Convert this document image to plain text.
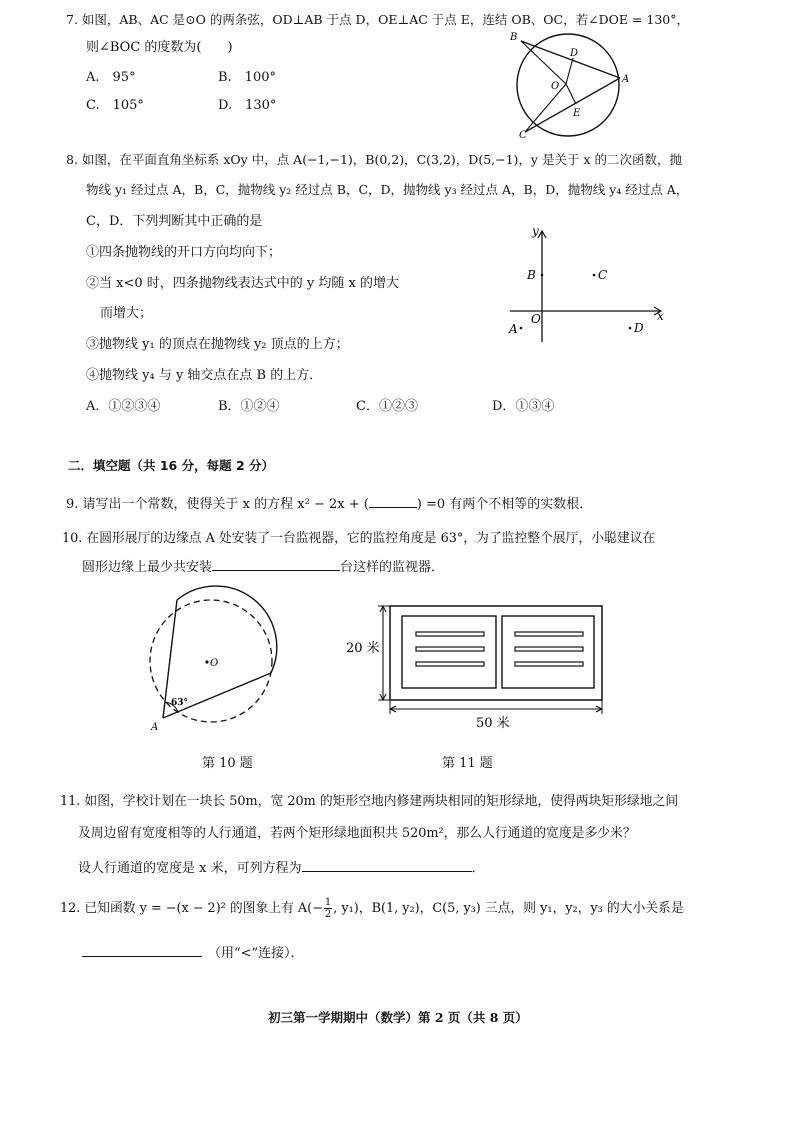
7. 如图，AB、AC 是⊙O 的两条弦，OD⊥AB 于点 D，OE⊥AC 于点 E，连结 OB、OC，若∠DOE = 130°，
则∠BOC 的度数为(　　)
A.　95°	B.　100°
C.　105°	D.　130°
B
D
A
O
E
C
8. 如图，在平面直角坐标系 xOy 中，点 A(−1,−1)，B(0,2)，C(3,2)，D(5,−1)，y 是关于 x 的二次函数，抛
物线 y₁ 经过点 A，B，C，抛物线 y₂ 经过点 B，C，D，抛物线 y₃ 经过点 A，B，D，抛物线 y₄ 经过点 A，
C，D．下列判断其中正确的是
①四条抛物线的开口方向均向下；
②当 x<0 时，四条抛物线表达式中的 y 均随 x 的增大
而增大；
③抛物线 y₁ 的顶点在抛物线 y₂ 顶点的上方；
④抛物线 y₄ 与 y 轴交点在点 B 的上方．
A．①②③④	B．①②④	C．①②③	D．①③④
y
x
O
A
B	C
D
二．填空题（共 16 分，每题 2 分）
9. 请写出一个常数，使得关于 x 的方程 x² − 2x + (	) =0 有两个不相等的实数根．
10. 在圆形展厅的边缘点 A 处安装了一台监视器，它的监控角度是 63°，为了监控整个展厅，小聪建议在
圆形边缘上最少共安装	台这样的监视器．
O
63°
A
第 10 题
20 米
50 米
第 11 题
11. 如图，学校计划在一块长 50m，宽 20m 的矩形空地内修建两块相同的矩形绿地，使得两块矩形绿地之间
及周边留有宽度相等的人行通道，若两个矩形绿地面积共 520m²，那么人行通道的宽度是多少米？
设人行通道的宽度是 x 米，可列方程为	．
12. 已知函数 y = −(x − 2)² 的图象上有 $A(- \frac{1}{2}$ , y₁)，B(1, y₂)，C(5, y₃) 三点，则 y₁，y₂，y₃ 的大小关系是
（用“<”连接）．
初三第一学期期中（数学）第 2 页（共 8 页）
